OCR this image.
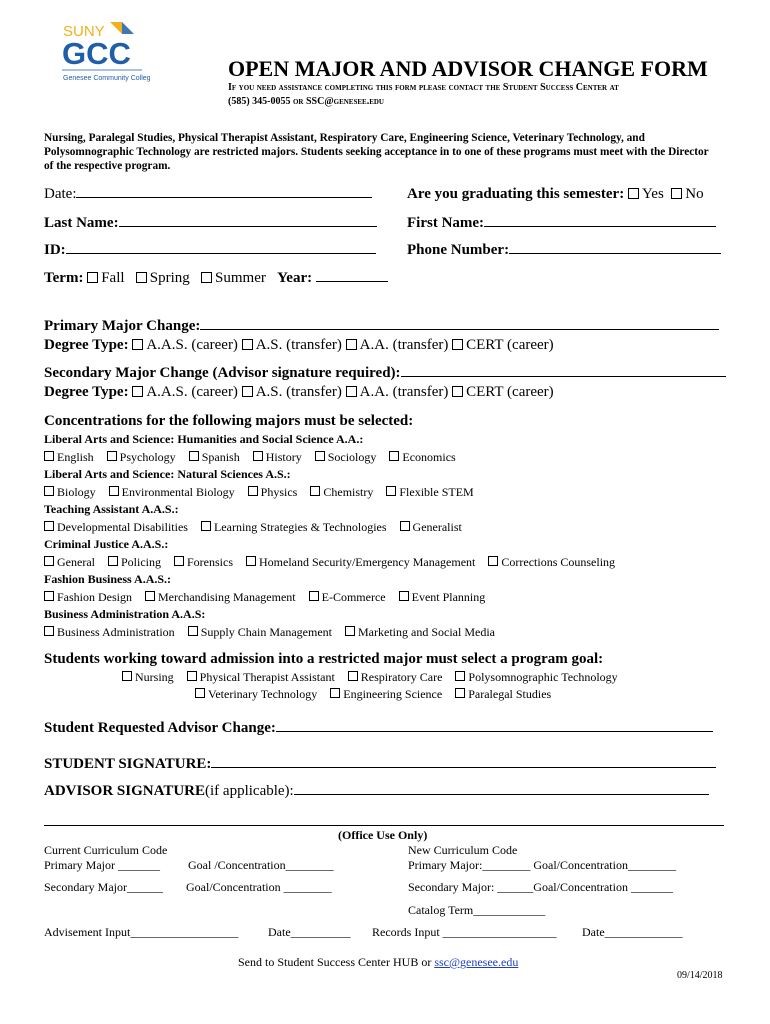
SUNY
GCC
Genesee Community College	OPEN MAJOR AND ADVISOR CHANGE FORM
If you need assistance completing this form please contact the Student Success Center at
(585) 345-0055 or SSC@genesee.edu
Nursing, Paralegal Studies, Physical Therapist Assistant, Respiratory Care, Engineering Science, Veterinary Technology, and
Polysomnographic Technology are restricted majors. Students seeking acceptance in to one of these programs must meet with the Director
of the respective program.
Date:	Are you graduating this semester: Yes No
Last Name:	First Name:
ID:	Phone Number:
Term: Fall Spring Summer Year:
Primary Major Change:
Degree Type: A.A.S. (career) A.S. (transfer) A.A. (transfer) CERT (career)
Secondary Major Change (Advisor signature required):
Degree Type: A.A.S. (career) A.S. (transfer) A.A. (transfer) CERT (career)
Concentrations for the following majors must be selected:
Liberal Arts and Science: Humanities and Social Science A.A.:
English Psychology Spanish History Sociology Economics
Liberal Arts and Science: Natural Sciences A.S.:
Biology Environmental Biology Physics Chemistry Flexible STEM
Teaching Assistant A.A.S.:
Developmental Disabilities Learning Strategies & Technologies Generalist
Criminal Justice A.A.S.:
General Policing Forensics Homeland Security/Emergency Management Corrections Counseling
Fashion Business A.A.S.:
Fashion Design Merchandising Management E-Commerce Event Planning
Business Administration A.A.S:
Business Administration Supply Chain Management Marketing and Social Media
Students working toward admission into a restricted major must select a program goal:
Nursing Physical Therapist Assistant Respiratory Care Polysomnographic Technology
Veterinary Technology Engineering Science Paralegal Studies
Student Requested Advisor Change:
STUDENT SIGNATURE:
ADVISOR SIGNATURE(if applicable):
(Office Use Only)
Current Curriculum Code
Primary Major _______ Goal /Concentration________
New Curriculum Code
Primary Major:________ Goal/Concentration________
Secondary Major______ Goal/Concentration ________	Secondary Major: ______Goal/Concentration _______
Catalog Term____________
Advisement Input__________________ Date__________ Records Input ___________________ Date_____________
Send to Student Success Center HUB or ssc@genesee.edu
09/14/2018
